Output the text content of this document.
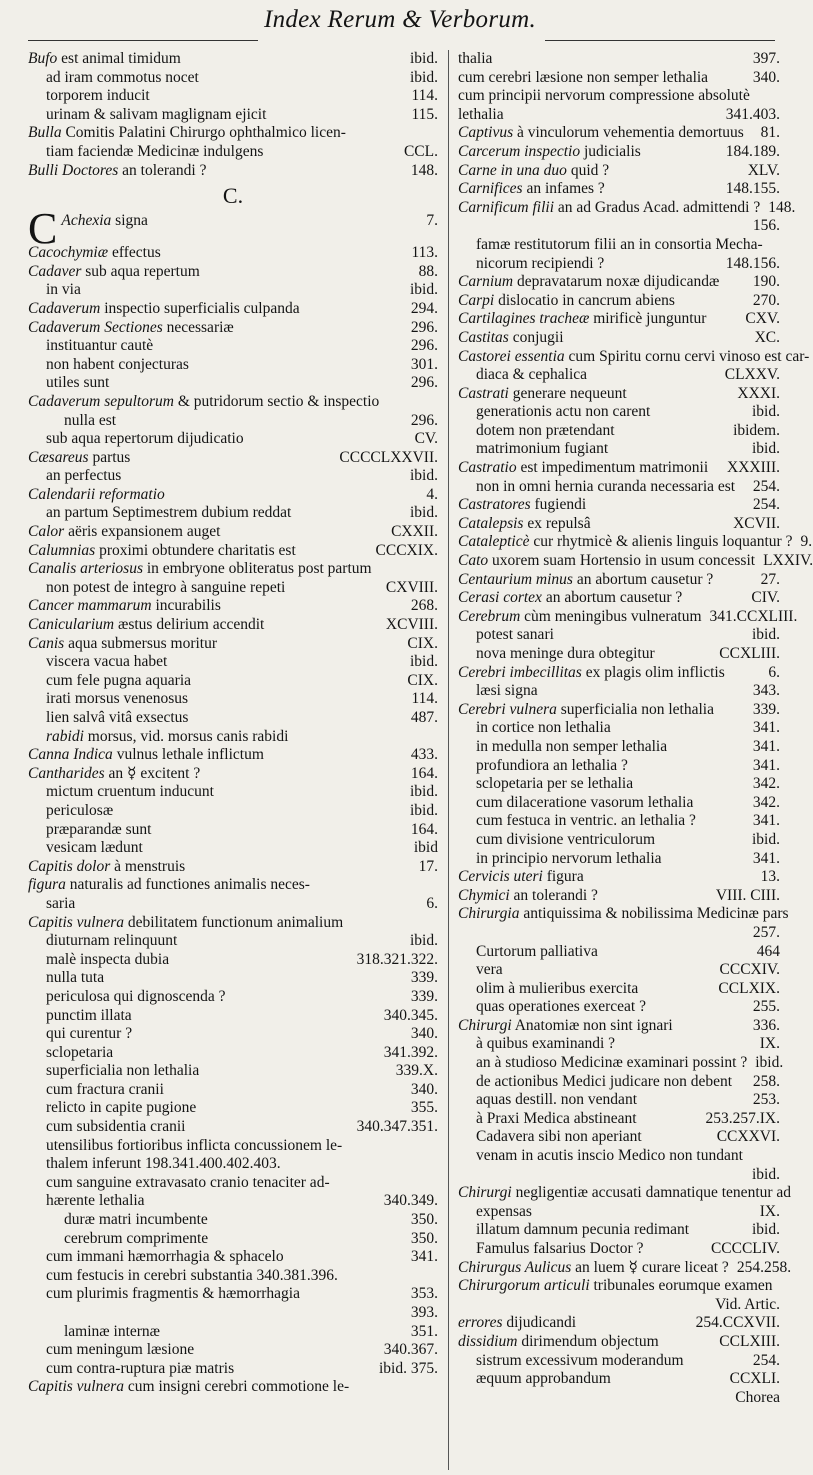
Index Rerum & Verborum.
Bufo est animal timidum	ibid.
ad iram commotus nocet	ibid.
torporem inducit	114.
urinam & salivam maglignam ejicit	115.
Bulla Comitis Palatini Chirurgo ophthalmico licen-
tiam faciendæ Medicinæ indulgens	CCL.
Bulli Doctores an tolerandi ?	148.
C.
C Achexia signa	7.
Cacochymiæ effectus	113.
Cadaver sub aqua repertum	88.
in via	ibid.
Cadaverum inspectio superficialis culpanda	294.
Cadaverum Sectiones necessariæ	296.
instituantur cautè	296.
non habent conjecturas	301.
utiles sunt	296.
Cadaverum sepultorum & putridorum sectio & inspectio
nulla est	296.
sub aqua repertorum dijudicatio	CV.
Cæsareus partus	CCCCLXXVII.
an perfectus	ibid.
Calendarii reformatio	4.
an partum Septimestrem dubium reddat	ibid.
Calor aëris expansionem auget	CXXII.
Calumnias proximi obtundere charitatis est	CCCXIX.
Canalis arteriosus in embryone obliteratus post partum
non potest de integro à sanguine repeti	CXVIII.
Cancer mammarum incurabilis	268.
Canicularium æstus delirium accendit	XCVIII.
Canis aqua submersus moritur	CIX.
viscera vacua habet	ibid.
cum fele pugna aquaria	CIX.
irati morsus venenosus	114.
lien salvâ vitâ exsectus	487.
rabidi morsus, vid. morsus canis rabidi
Canna Indica vulnus lethale inflictum	433.
Cantharides an ☿ excitent ?	164.
mictum cruentum inducunt	ibid.
periculosæ	ibid.
præparandæ sunt	164.
vesicam lædunt	ibid
Capitis dolor à menstruis	17.
figura naturalis ad functiones animalis neces-
saria	6.
Capitis vulnera debilitatem functionum animalium
diuturnam relinquunt	ibid.
malè inspecta dubia	318.321.322.
nulla tuta	339.
periculosa qui dignoscenda ?	339.
punctim illata	340.345.
qui curentur ?	340.
sclopetaria	341.392.
superficialia non lethalia	339.X.
cum fractura cranii	340.
relicto in capite pugione	355.
cum subsidentia cranii	340.347.351.
utensilibus fortioribus inflicta concussionem le-
thalem inferunt 198.341.400.402.403.
cum sanguine extravasato cranio tenaciter ad-
hærente lethalia	340.349.
duræ matri incumbente	350.
cerebrum comprimente	350.
cum immani hæmorrhagia & sphacelo	341.
cum festucis in cerebri substantia 340.381.396.
cum plurimis fragmentis & hæmorrhagia	353.
393.
laminæ internæ	351.
cum meningum læsione	340.367.
cum contra-ruptura piæ matris	ibid. 375.
Capitis vulnera cum insigni cerebri commotione le-
thalia	397.
cum cerebri læsione non semper lethalia	340.
cum principii nervorum compressione absolutè
lethalia	341.403.
Captivus à vinculorum vehementia demortuus	81.
Carcerum inspectio judicialis	184.189.
Carne in una duo quid ?	XLV.
Carnifices an infames ?	148.155.
Carnificum filii an ad Gradus Acad. admittendi ? 148.
156.
famæ restitutorum filii an in consortia Mecha-
nicorum recipiendi ?	148.156.
Carnium depravatarum noxæ dijudicandæ	190.
Carpi dislocatio in cancrum abiens	270.
Cartilagines tracheæ mirificè junguntur	CXV.
Castitas conjugii	XC.
Castorei essentia cum Spiritu cornu cervi vinoso est car-
diaca & cephalica	CLXXV.
Castrati generare nequeunt	XXXI.
generationis actu non carent	ibid.
dotem non prætendant	ibidem.
matrimonium fugiant	ibid.
Castratio est impedimentum matrimonii	XXXIII.
non in omni hernia curanda necessaria est	254.
Castratores fugiendi	254.
Catalepsis ex repulsâ	XCVII.
Catalepticè cur rhytmicè & alienis linguis loquantur ? 9.
Cato uxorem suam Hortensio in usum concessit LXXIV.
Centaurium minus an abortum causetur ?	27.
Cerasi cortex an abortum causetur ?	CIV.
Cerebrum cùm meningibus vulneratum 341.CCXLIII.
potest sanari	ibid.
nova meninge dura obtegitur	CCXLIII.
Cerebri imbecillitas ex plagis olim inflictis	6.
læsi signa	343.
Cerebri vulnera superficialia non lethalia	339.
in cortice non lethalia	341.
in medulla non semper lethalia	341.
profundiora an lethalia ?	341.
sclopetaria per se lethalia	342.
cum dilaceratione vasorum lethalia	342.
cum festuca in ventric. an lethalia ?	341.
cum divisione ventriculorum	ibid.
in principio nervorum lethalia	341.
Cervicis uteri figura	13.
Chymici an tolerandi ?	VIII. CIII.
Chirurgia antiquissima & nobilissima Medicinæ pars
257.
Curtorum palliativa	464
vera	CCCXIV.
olim à mulieribus exercita	CCLXIX.
quas operationes exerceat ?	255.
Chirurgi Anatomiæ non sint ignari	336.
à quibus examinandi ?	IX.
an à studioso Medicinæ examinari possint ? ibid.
de actionibus Medici judicare non debent	258.
aquas destill. non vendant	253.
à Praxi Medica abstineant	253.257.IX.
Cadavera sibi non aperiant	CCXXVI.
venam in acutis inscio Medico non tundant
ibid.
Chirurgi negligentiæ accusati damnatique tenentur ad
expensas	IX.
illatum damnum pecunia redimant	ibid.
Famulus falsarius Doctor ?	CCCCLIV.
Chirurgus Aulicus an luem ☿ curare liceat ? 254.258.
Chirurgorum articuli tribunales eorumque examen
Vid. Artic.
errores dijudicandi	254.CCXVII.
dissidium dirimendum objectum	CCLXIII.
sistrum excessivum moderandum	254.
æquum approbandum	CCXLI.
Chorea
